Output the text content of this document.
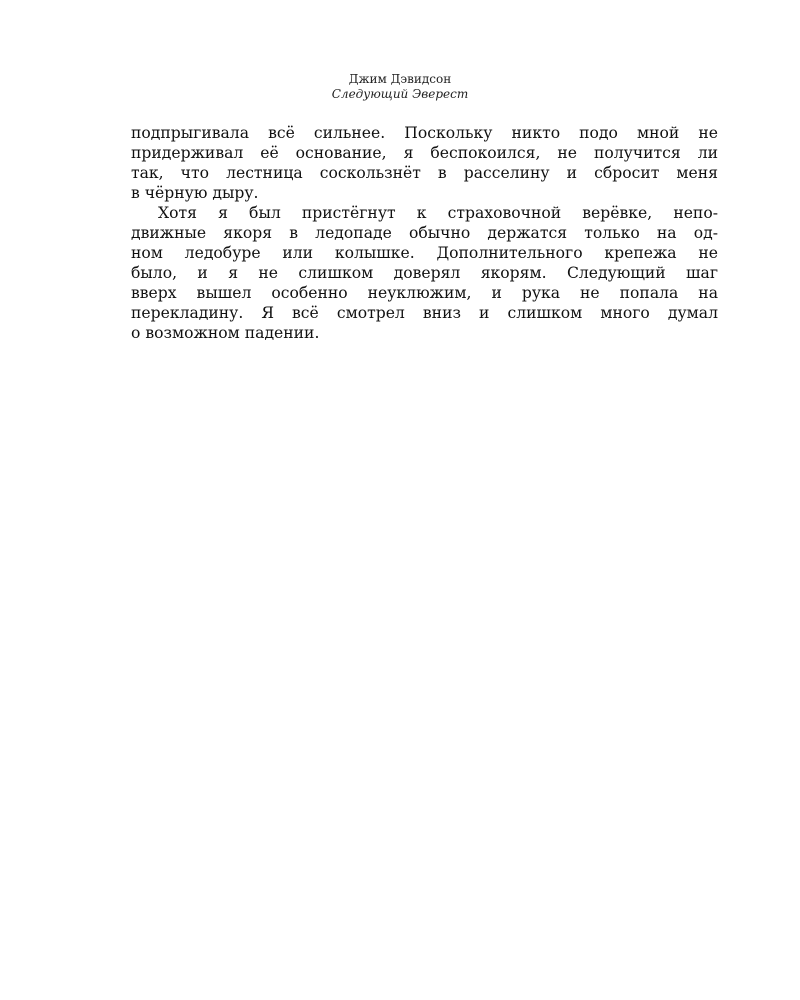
Джим Дэвидсон
Следующий Эверест
подпрыгивала всё сильнее. Поскольку никто подо мной не
придерживал её основание, я беспокоился, не получится ли
так, что лестница соскользнёт в расселину и сбросит меня
в чёрную дыру.
Хотя я был пристёгнут к страховочной верёвке, непо-
движные якоря в ледопаде обычно держатся только на од-
ном ледобуре или колышке. Дополнительного крепежа не
было, и я не слишком доверял якорям. Следующий шаг
вверх вышел особенно неуклюжим, и рука не попала на
перекладину. Я всё смотрел вниз и слишком много думал
о возможном падении.
